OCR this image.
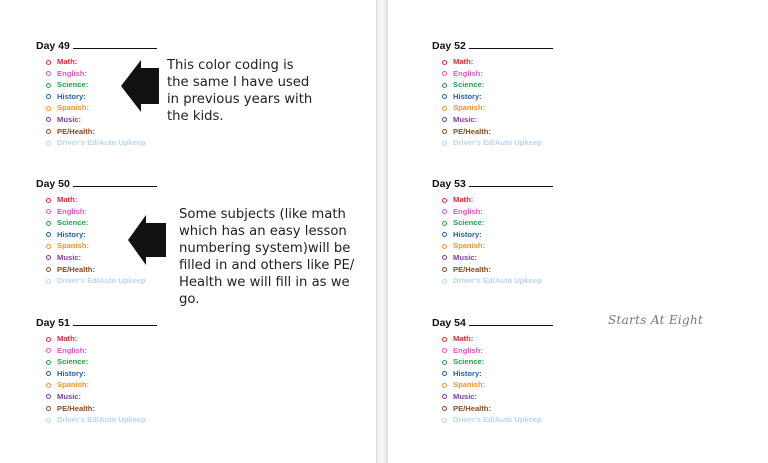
Day 49
Math:
English:
Science:
History:
Spanish:
Music:
PE/Health:
Driver's Ed/Auto Upkeep
Day 50
Math:
English:
Science:
History:
Spanish:
Music:
PE/Health:
Driver's Ed/Auto Upkeep
Day 51
Math:
English:
Science:
History:
Spanish:
Music:
PE/Health:
Driver's Ed/Auto Upkeep
Day 52
Math:
English:
Science:
History:
Spanish:
Music:
PE/Health:
Driver's Ed/Auto Upkeep
Day 53
Math:
English:
Science:
History:
Spanish:
Music:
PE/Health:
Driver's Ed/Auto Upkeep
Day 54
Math:
English:
Science:
History:
Spanish:
Music:
PE/Health:
Driver's Ed/Auto Upkeep
This color coding is the same I have used in previous years with the kids.
Some subjects (like math which has an easy lesson numbering system)will be filled in and others like PE/ Health we will fill in as we go.
Starts At Eight
